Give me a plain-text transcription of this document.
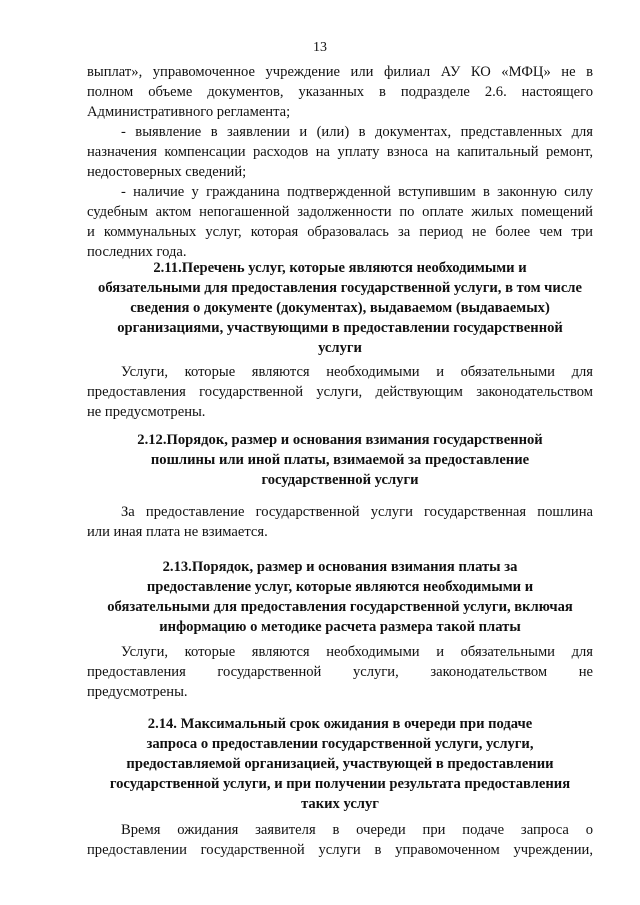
13
выплат», управомоченное учреждение или филиал АУ КО «МФЦ» не в
полном объеме документов, указанных в подразделе 2.6. настоящего
Административного регламента;
- выявление в заявлении и (или) в документах, представленных для
назначения компенсации расходов на уплату взноса на капитальный ремонт,
недостоверных сведений;
- наличие у гражданина подтвержденной вступившим в законную силу
судебным актом непогашенной задолженности по оплате жилых помещений
и коммунальных услуг, которая образовалась за период не более чем три
последних года.
2.11.Перечень услуг, которые являются необходимыми и
обязательными для предоставления государственной услуги, в том числе
сведения о документе (документах), выдаваемом (выдаваемых)
организациями, участвующими в предоставлении государственной
услуги
Услуги, которые являются необходимыми и обязательными для
предоставления государственной услуги, действующим законодательством
не предусмотрены.
2.12.Порядок, размер и основания взимания государственной
пошлины или иной платы, взимаемой за предоставление
государственной услуги
За предоставление государственной услуги государственная пошлина
или иная плата не взимается.
2.13.Порядок, размер и основания взимания платы за
предоставление услуг, которые являются необходимыми и
обязательными для предоставления государственной услуги, включая
информацию о методике расчета размера такой платы
Услуги, которые являются необходимыми и обязательными для
предоставления государственной услуги, законодательством не
предусмотрены.
2.14. Максимальный срок ожидания в очереди при подаче
запроса о предоставлении государственной услуги, услуги,
предоставляемой организацией, участвующей в предоставлении
государственной услуги, и при получении результата предоставления
таких услуг
Время ожидания заявителя в очереди при подаче запроса о
предоставлении государственной услуги в управомоченном учреждении,
